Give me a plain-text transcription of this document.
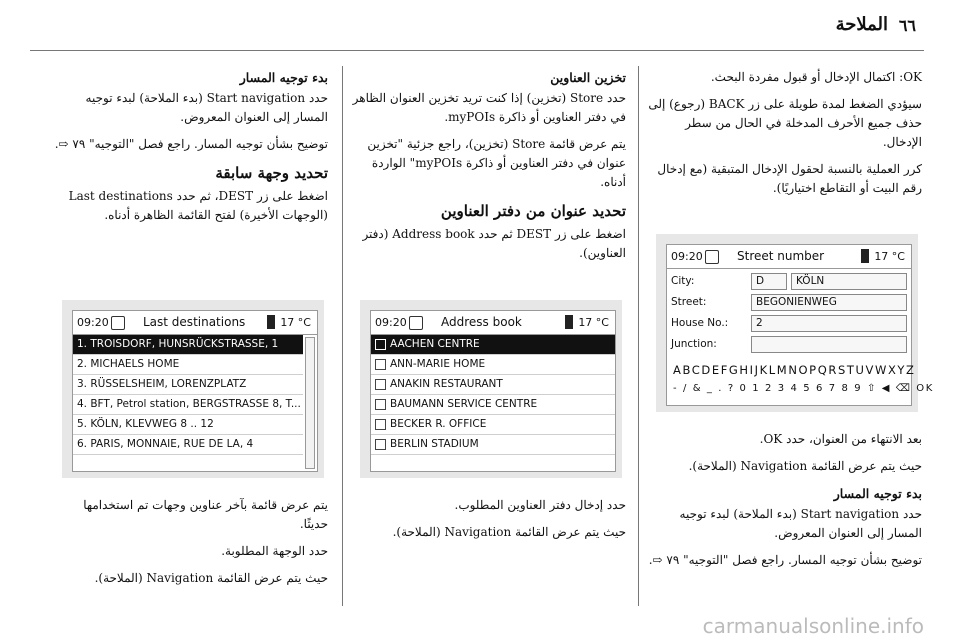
الملاحة ٦٦

OK: اكتمال الإدخال أو قبول مفردة البحث.

سيؤدي الضغط لمدة طويلة على زر BACK (رجوع) إلى حذف جميع الأحرف المدخلة في الحال من سطر الإدخال.

كرر العملية بالنسبة لحقول الإدخال المتبقية (مع إدخال رقم البيت أو التقاطع اختياريًا).

09:20	Street number	17 °C
City:	D	KÖLN
Street:	BEGONIENWEG
House No.:	2
Junction:
ABCDEFGHIJKLMNOPQRSTUVWXYZ
- / & _ . ? 0 1 2 3 4 5 6 7 8 9 ⇧ ◀ ⌫ OK

بعد الانتهاء من العنوان، حدد OK.

حيث يتم عرض القائمة Navigation (الملاحة).

بدء توجيه المسار

حدد Start navigation (بدء الملاحة) لبدء توجيه المسار إلى العنوان المعروض.

توضيح بشأن توجيه المسار. راجع فصل "التوجيه" ٧٩ ⇨.

تخزين العناوين

حدد Store (تخزين) إذا كنت تريد تخزين العنوان الظاهر في دفتر العناوين أو ذاكرة myPOIs.

يتم عرض قائمة Store (تخزين)، راجع جزئية "تخزين عنوان في دفتر العناوين أو ذاكرة myPOIs" الواردة أدناه.

تحديد عنوان من دفتر العناوين

اضغط على زر DEST ثم حدد Address book (دفتر العناوين).

09:20	Address book	17 °C
AACHEN CENTRE
ANN-MARIE HOME
ANAKIN RESTAURANT
BAUMANN SERVICE CENTRE
BECKER R. OFFICE
BERLIN STADIUM

حدد إدخال دفتر العناوين المطلوب.

حيث يتم عرض القائمة Navigation (الملاحة).

بدء توجيه المسار

حدد Start navigation (بدء الملاحة) لبدء توجيه المسار إلى العنوان المعروض.

توضيح بشأن توجيه المسار. راجع فصل "التوجيه" ٧٩ ⇨.

تحديد وجهة سابقة

اضغط على زر DEST، ثم حدد Last destinations (الوجهات الأخيرة) لفتح القائمة الظاهرة أدناه.

09:20	Last destinations	17 °C
1. TROISDORF, HUNSRÜCKSTRASSE, 1
2. MICHAELS HOME
3. RÜSSELSHEIM, LORENZPLATZ
4. BFT, Petrol station, BERGSTRASSE 8, T...
5. KÖLN, KLEVWEG 8 .. 12
6. PARIS, MONNAIE, RUE DE LA, 4

يتم عرض قائمة بآخر عناوين وجهات تم استخدامها حديثًا.

حدد الوجهة المطلوبة.

حيث يتم عرض القائمة Navigation (الملاحة).

carmanualsonline.info
